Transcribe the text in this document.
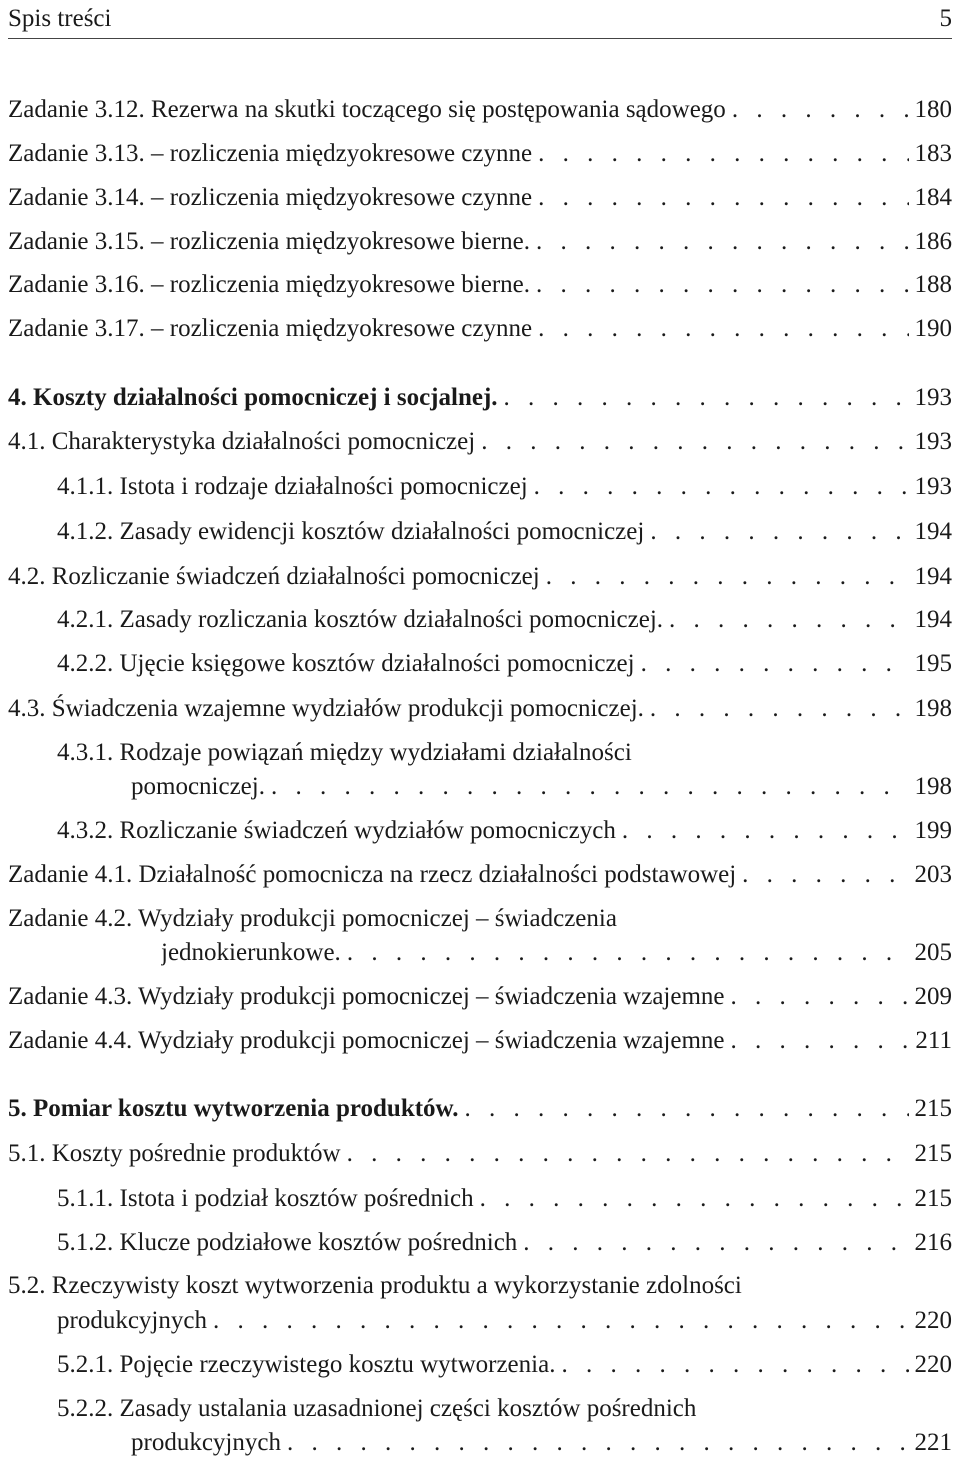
Spis treści	5
Zadanie 3.12. Rezerwa na skutki toczącego się postępowania sądowego . . .	180
Zadanie 3.13. – rozliczenia międzyokresowe czynne . . .	183
Zadanie 3.14. – rozliczenia międzyokresowe czynne . . .	184
Zadanie 3.15. – rozliczenia międzyokresowe bierne. . . .	186
Zadanie 3.16. – rozliczenia międzyokresowe bierne. . . .	188
Zadanie 3.17. – rozliczenia międzyokresowe czynne . . .	190
4. Koszty działalności pomocniczej i socjalnej. . . .	193
4.1. Charakterystyka działalności pomocniczej . . .	193
4.1.1. Istota i rodzaje działalności pomocniczej . . .	193
4.1.2. Zasady ewidencji kosztów działalności pomocniczej . . .	194
4.2. Rozliczanie świadczeń działalności pomocniczej . . .	194
4.2.1. Zasady rozliczania kosztów działalności pomocniczej. . . .	194
4.2.2. Ujęcie księgowe kosztów działalności pomocniczej . . .	195
4.3. Świadczenia wzajemne wydziałów produkcji pomocniczej. . . .	198
4.3.1. Rodzaje powiązań między wydziałami działalności
pomocniczej. . . .	198
4.3.2. Rozliczanie świadczeń wydziałów pomocniczych . . .	199
Zadanie 4.1. Działalność pomocnicza na rzecz działalności podstawowej . . .	203
Zadanie 4.2. Wydziały produkcji pomocniczej – świadczenia
jednokierunkowe. . . .	205
Zadanie 4.3. Wydziały produkcji pomocniczej – świadczenia wzajemne . . .	209
Zadanie 4.4. Wydziały produkcji pomocniczej – świadczenia wzajemne . . .	211
5. Pomiar kosztu wytworzenia produktów. . . .	215
5.1. Koszty pośrednie produktów . . .	215
5.1.1. Istota i podział kosztów pośrednich . . .	215
5.1.2. Klucze podziałowe kosztów pośrednich . . .	216
5.2. Rzeczywisty koszt wytworzenia produktu a wykorzystanie zdolności
produkcyjnych . . .	220
5.2.1. Pojęcie rzeczywistego kosztu wytworzenia. . . .	220
5.2.2. Zasady ustalania uzasadnionej części kosztów pośrednich
produkcyjnych . . .	221
